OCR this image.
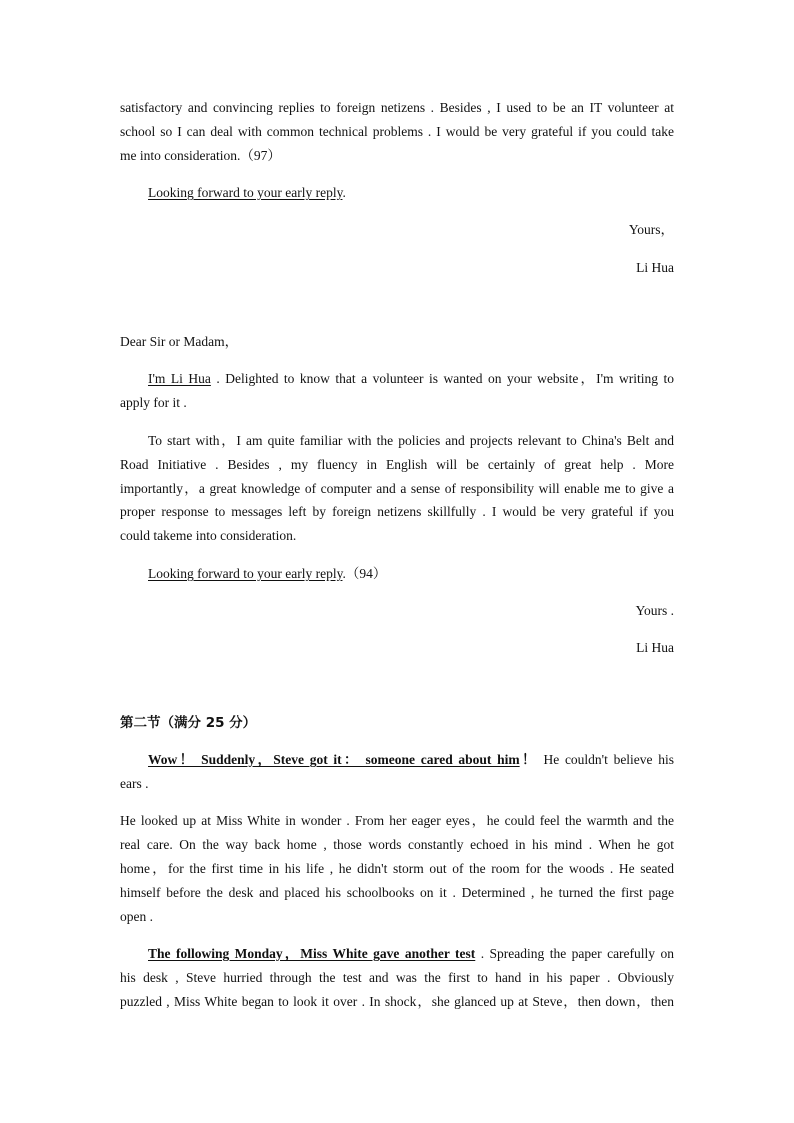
satisfactory and convincing replies to foreign netizens . Besides , I used to be an IT volunteer at
school so I can deal with common technical problems . I would be very grateful if you could take
me into consideration.（97）
Looking forward to your early reply.
Yours，
Li Hua
Dear Sir or Madam，
I'm Li Hua . Delighted to know that a volunteer is wanted on your website，I'm writing to
apply for it .
To start with，I am quite familiar with the policies and projects relevant to China's Belt and
Road Initiative . Besides , my fluency in English will be certainly of great help . More
importantly，a great knowledge of computer and a sense of responsibility will enable me to give a
proper response to messages left by foreign netizens skillfully . I would be very grateful if you
could takeme into consideration.
Looking forward to your early reply.（94）
Yours .
Li Hua
第二节（满分 25 分）
Wow！ Suddenly，Steve got it： someone cared about him！ He couldn't believe his
ears .
He looked up at Miss White in wonder . From her eager eyes，he could feel the warmth and the
real care. On the way back home , those words constantly echoed in his mind . When he got
home，for the first time in his life , he didn't storm out of the room for the woods . He seated
himself before the desk and placed his schoolbooks on it . Determined , he turned the first page
open .
The following Monday，Miss White gave another test . Spreading the paper carefully on
his desk , Steve hurried through the test and was the first to hand in his paper . Obviously
puzzled , Miss White began to look it over . In shock，she glanced up at Steve，then down，then
